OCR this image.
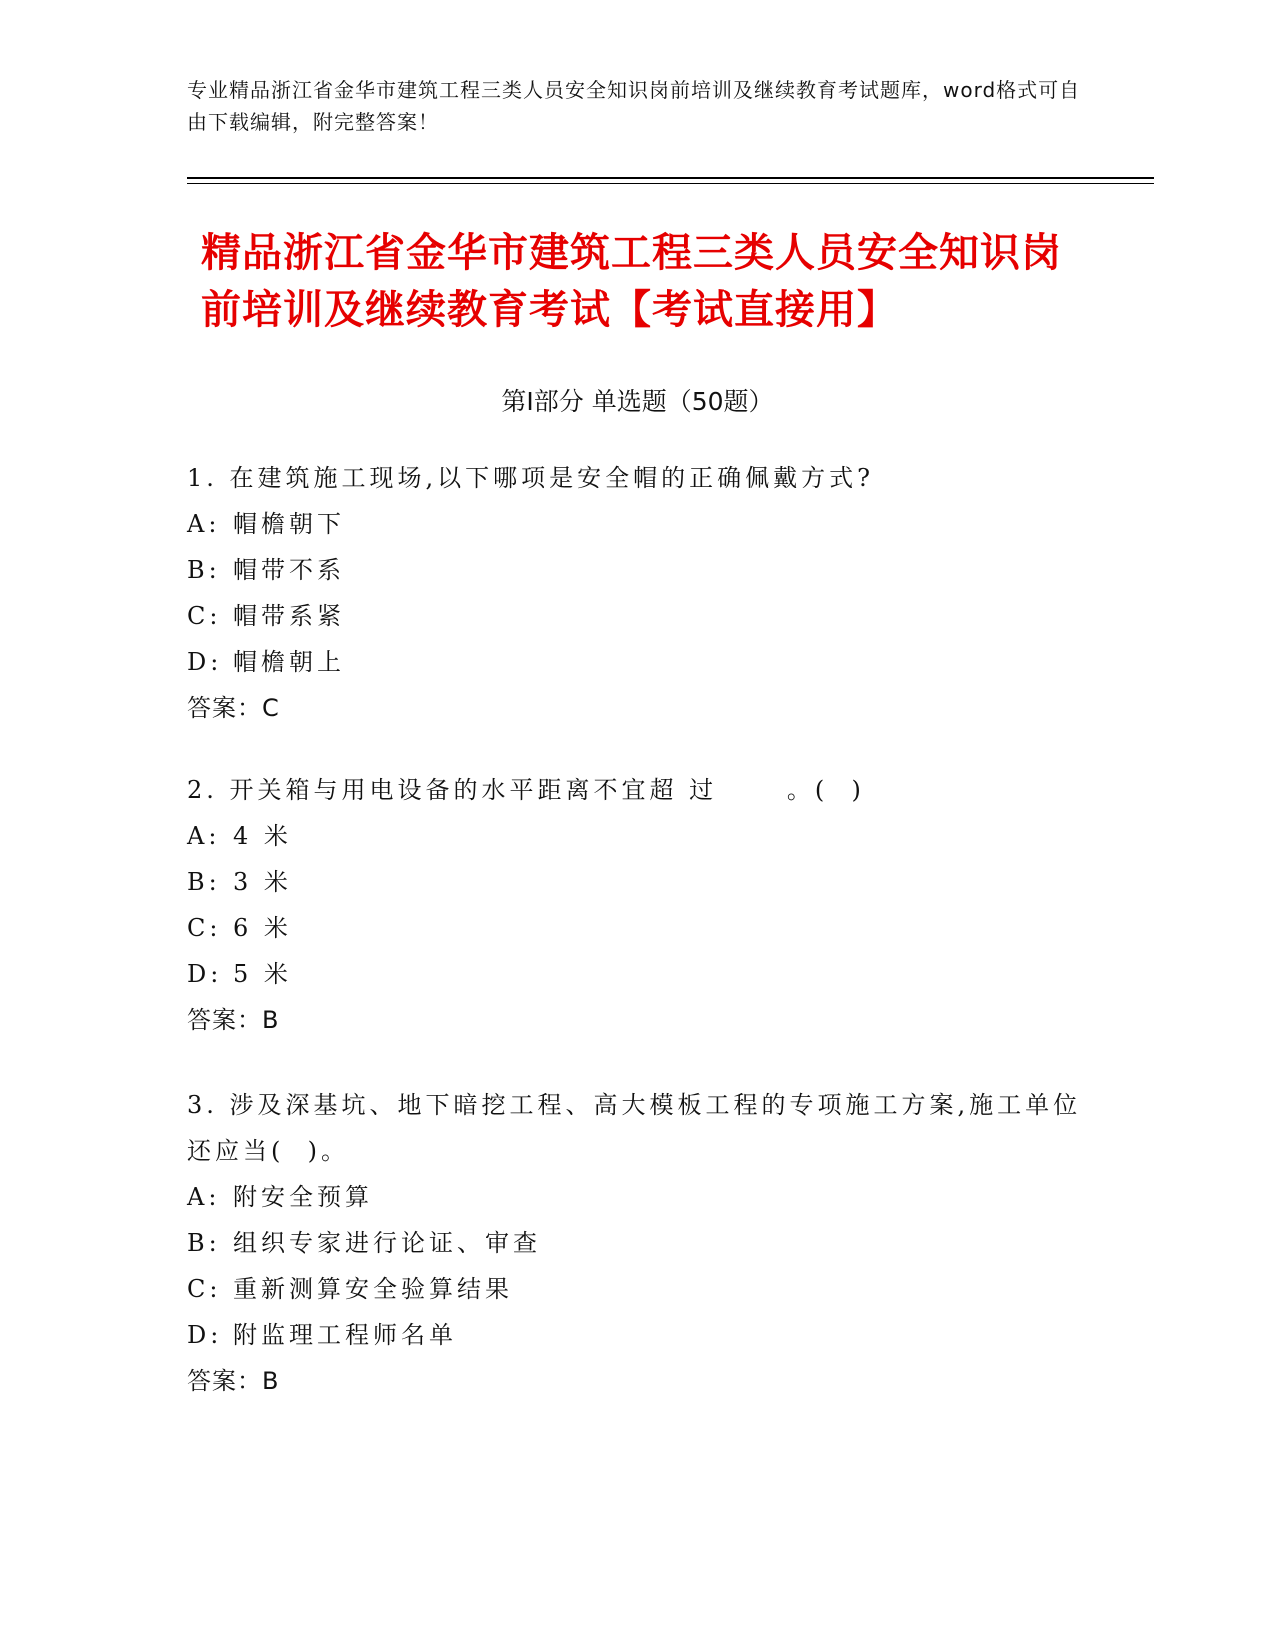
专业精品浙江省金华市建筑工程三类人员安全知识岗前培训及继续教育考试题库，word格式可自由下载编辑，附完整答案！
精品浙江省金华市建筑工程三类人员安全知识岗前培训及继续教育考试【考试直接用】
第Ⅰ部分 单选题（50题）
1. 在建筑施工现场,以下哪项是安全帽的正确佩戴方式?
A: 帽檐朝下
B: 帽带不系
C: 帽带系紧
D: 帽檐朝上
答案：C
2. 开关箱与用电设备的水平距离不宜超 过      。(  )
A: 4 米
B: 3 米
C: 6 米
D: 5 米
答案：B
3. 涉及深基坑、地下暗挖工程、高大模板工程的专项施工方案,施工单位还应当(  )。
A: 附安全预算
B: 组织专家进行论证、审查
C: 重新测算安全验算结果
D: 附监理工程师名单
答案：B
